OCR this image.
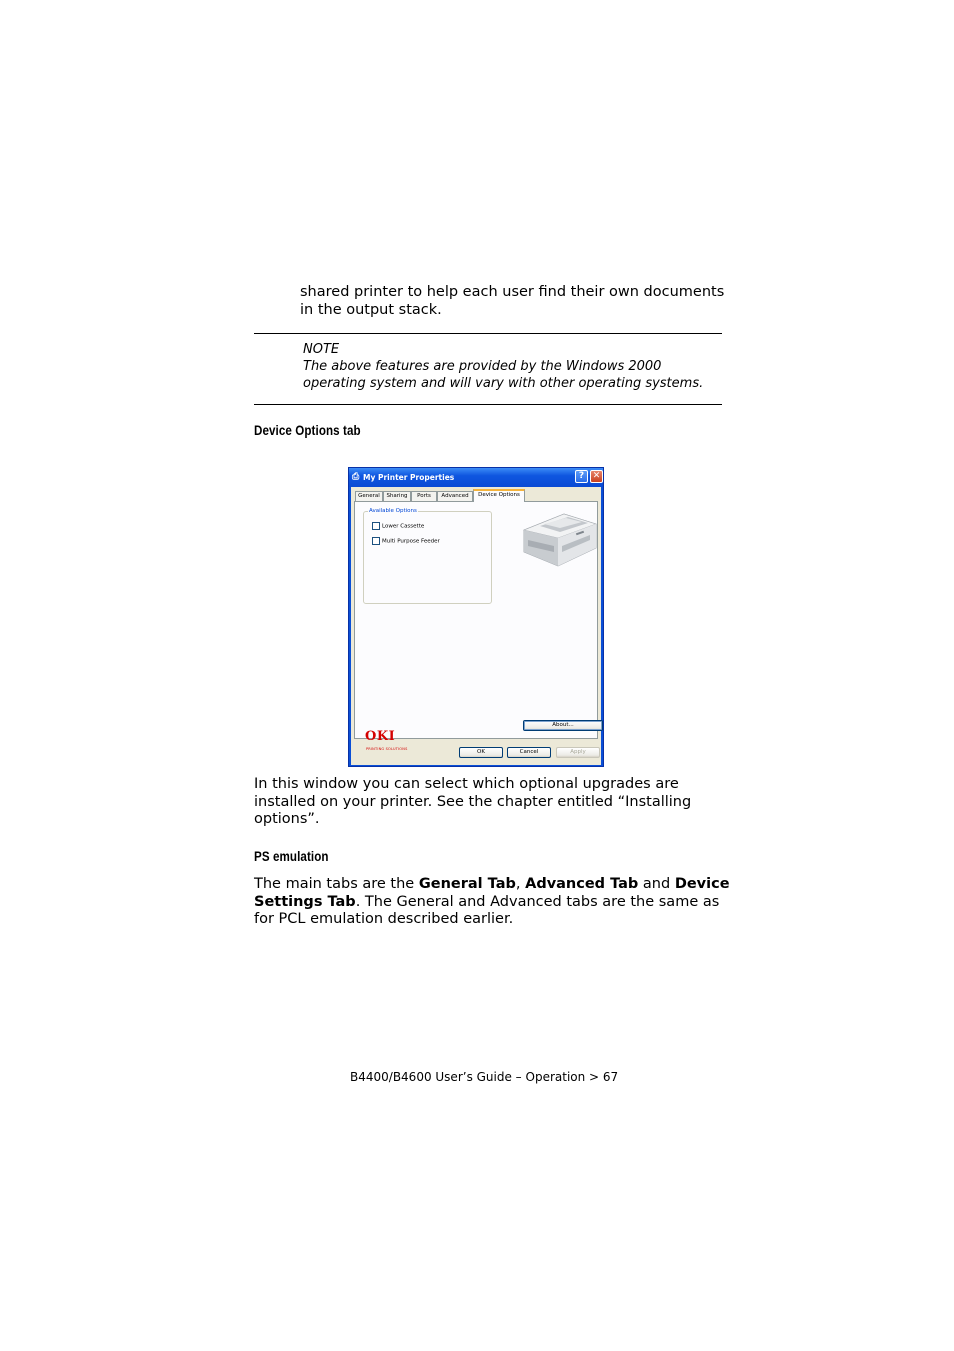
shared printer to help each user find their own documents
in the output stack.
NOTE
The above features are provided by the Windows 2000
operating system and will vary with other operating systems.
Device Options tab
⎙ My Printer Properties	? ✕
General	Sharing	Ports	Advanced	Device Options
Available Options
Lower Cassette
Multi Purpose Feeder
About...
OKI
PRINTING SOLUTIONS	OK	Cancel	Apply
In this window you can select which optional upgrades are
installed on your printer. See the chapter entitled “Installing
options”.
PS emulation
The main tabs are the General Tab, Advanced Tab and Device
Settings Tab. The General and Advanced tabs are the same as
for PCL emulation described earlier.
B4400/B4600 User’s Guide – Operation > 67
